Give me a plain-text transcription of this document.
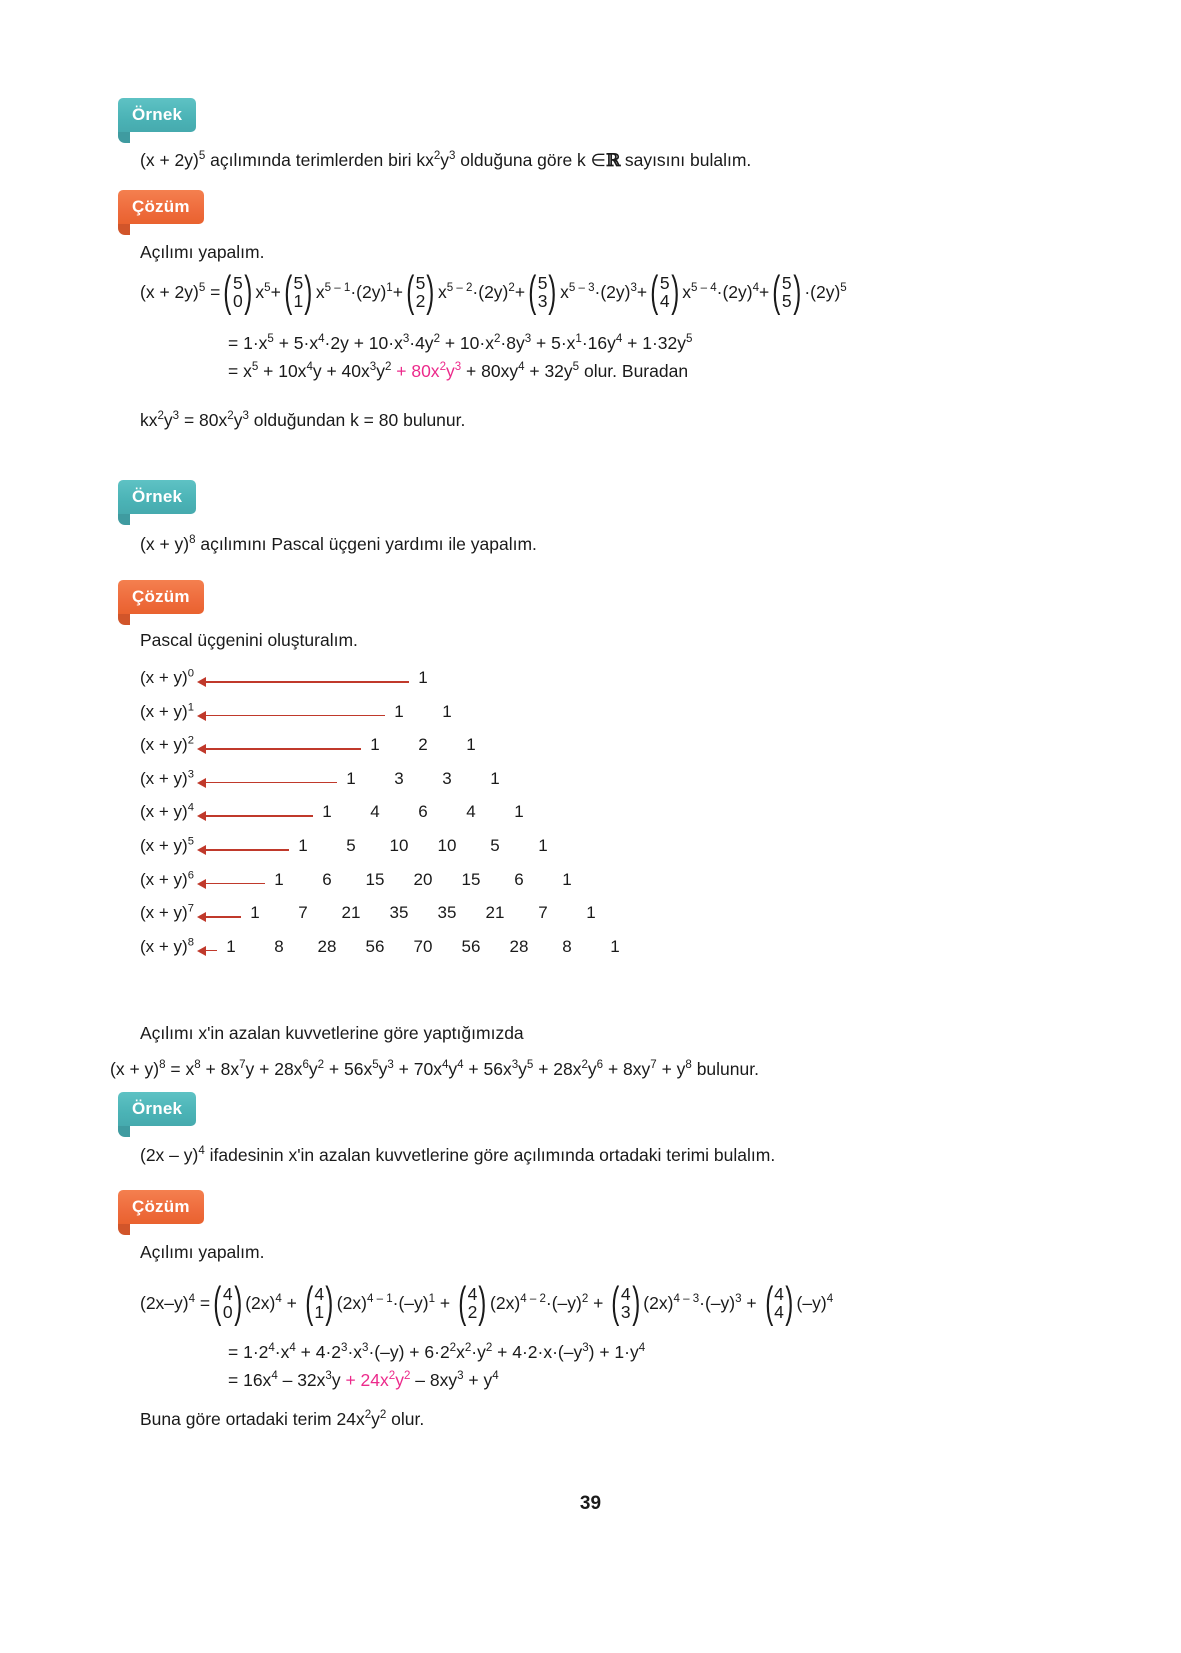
Örnek
$(x + 2y)^5$ açılımında terimlerden biri $kx^2y^3$ olduğuna göre k ∈ℝ sayısını bulalım.
Çözüm
Açılımı yapalım.
$(x + 2y)^5$ = ( 5
0 ) $x^5+$ ( 5
1 ) $x^{5 - 1}\cdot(2y)^1+$ ( 5
2 ) $x^{5 - 2}\cdot(2y)^2+$ ( 5
3 ) $x^{5 - 3}\cdot(2y)^3+$ ( 5
4 ) $x^{5 - 4}\cdot(2y)^4+$ ( 5
5 ) $\cdot(2y)^5$
= $1\cdot x^5 + 5\cdot x^4\cdot 2y + 10\cdot x^3\cdot 4y^2 + 10\cdot x^2\cdot 8y^3 + 5\cdot x^1\cdot 16y^4 + 1\cdot 32y^5$
= $x^5 + 10x^4y + 40x^3y^2 + 80x^2y^3 + 80xy^4 + 32y^5$ olur. Buradan
$kx^2y^3 = 80x^2y^3$ olduğundan k = 80 bulunur.
Örnek
$(x + y)^8$ açılımını Pascal üçgeni yardımı ile yapalım.
Çözüm
Pascal üçgenini oluşturalım.
$(x + y)^0$	1
$(x + y)^1$	1 1
$(x + y)^2$	1 2 1
$(x + y)^3$	1 3 3 1
$(x + y)^4$	1 4 6 4 1
$(x + y)^5$	1 5 10 10 5 1
$(x + y)^6$	1 6 15 20 15 6 1
$(x + y)^7$	1 7 21 35 35 21 7 1
$(x + y)^8$ 1 8 28 56 70 56 28 8 1
Açılımı x'in azalan kuvvetlerine göre yaptığımızda
$(x + y)^8 = x^8 + 8x^7y + 28x^6y^2 + 56x^5y^3 + 70x^4y^4 + 56x^3y^5 + 28x^2y^6 + 8xy^7 + y^8$ bulunur.
Örnek
(2x – y)$^4$ ifadesinin x'in azalan kuvvetlerine göre açılımında ortadaki terimi bulalım.
Çözüm
Açılımı yapalım.
$(2x-y)^4$ = ( 4
0 ) $(2x)^4$ + ( 4
1 ) $(2x)^{4 - 1}\cdot(-y)^1$ + ( 4
2 ) $(2x)^{4 - 2}\cdot(-y)^2$ + ( 4
3 ) $(2x)^{4 - 3}\cdot(-y)^3$ + ( 4
4 ) $(-y)^4$
= $1\cdot 2^4\cdot x^4 + 4\cdot 2^3\cdot x^3\cdot(-y) + 6\cdot 2^2x^2\cdot y^2 + 4\cdot 2\cdot x\cdot(-y^3) + 1\cdot y^4$
= $16x^4 - 32x^3y + 24x^2y^2 - 8xy^3 + y^4$
Buna göre ortadaki terim $24x^2y^2$ olur.
39
